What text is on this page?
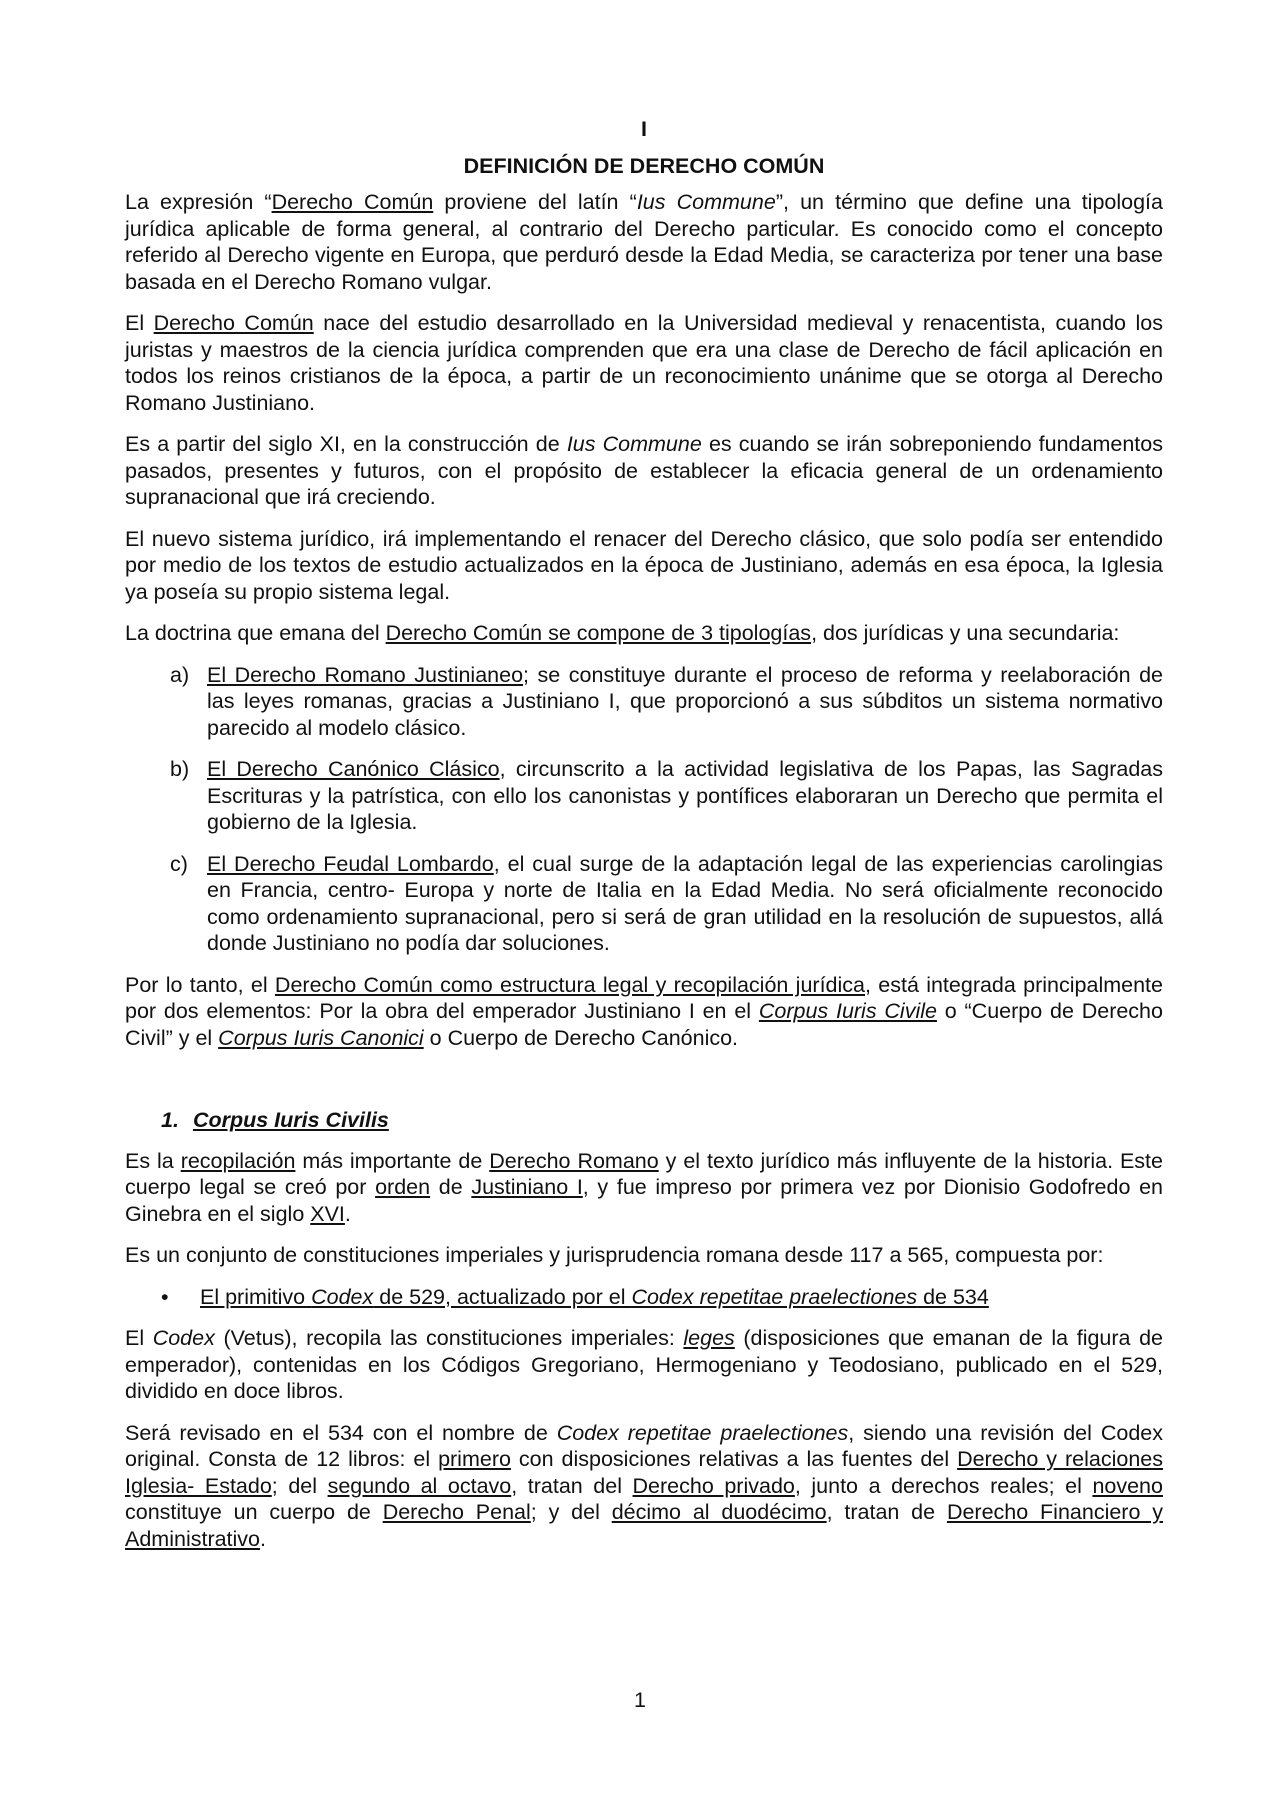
I
DEFINICIÓN DE DERECHO COMÚN

La expresión “Derecho Común proviene del latín “Ius Commune”, un término que define una tipología jurídica aplicable de forma general, al contrario del Derecho particular. Es conocido como el concepto referido al Derecho vigente en Europa, que perduró desde la Edad Media, se caracteriza por tener una base basada en el Derecho Romano vulgar.

El Derecho Común nace del estudio desarrollado en la Universidad medieval y renacentista, cuando los juristas y maestros de la ciencia jurídica comprenden que era una clase de Derecho de fácil aplicación en todos los reinos cristianos de la época, a partir de un reconocimiento unánime que se otorga al Derecho Romano Justiniano.

Es a partir del siglo XI, en la construcción de Ius Commune es cuando se irán sobreponiendo fundamentos pasados, presentes y futuros, con el propósito de establecer la eficacia general de un ordenamiento supranacional que irá creciendo.

El nuevo sistema jurídico, irá implementando el renacer del Derecho clásico, que solo podía ser entendido por medio de los textos de estudio actualizados en la época de Justiniano, además en esa época, la Iglesia ya poseía su propio sistema legal.

La doctrina que emana del Derecho Común se compone de 3 tipologías, dos jurídicas y una secundaria:

a) El Derecho Romano Justinianeo; se constituye durante el proceso de reforma y reelaboración de las leyes romanas, gracias a Justiniano I, que proporcionó a sus súbditos un sistema normativo parecido al modelo clásico.
b) El Derecho Canónico Clásico, circunscrito a la actividad legislativa de los Papas, las Sagradas Escrituras y la patrística, con ello los canonistas y pontífices elaboraran un Derecho que permita el gobierno de la Iglesia.
c) El Derecho Feudal Lombardo, el cual surge de la adaptación legal de las experiencias carolingias en Francia, centro- Europa y norte de Italia en la Edad Media. No será oficialmente reconocido como ordenamiento supranacional, pero si será de gran utilidad en la resolución de supuestos, allá donde Justiniano no podía dar soluciones.

Por lo tanto, el Derecho Común como estructura legal y recopilación jurídica, está integrada principalmente por dos elementos: Por la obra del emperador Justiniano I en el Corpus Iuris Civile o “Cuerpo de Derecho Civil” y el Corpus Iuris Canonici o Cuerpo de Derecho Canónico.

1. Corpus Iuris Civilis

Es la recopilación más importante de Derecho Romano y el texto jurídico más influyente de la historia. Este cuerpo legal se creó por orden de Justiniano I, y fue impreso por primera vez por Dionisio Godofredo en Ginebra en el siglo XVI.

Es un conjunto de constituciones imperiales y jurisprudencia romana desde 117 a 565, compuesta por:

• El primitivo Codex de 529, actualizado por el Codex repetitae praelectiones de 534

El Codex (Vetus), recopila las constituciones imperiales: leges (disposiciones que emanan de la figura de emperador), contenidas en los Códigos Gregoriano, Hermogeniano y Teodosiano, publicado en el 529, dividido en doce libros.

Será revisado en el 534 con el nombre de Codex repetitae praelectiones, siendo una revisión del Codex original. Consta de 12 libros: el primero con disposiciones relativas a las fuentes del Derecho y relaciones Iglesia- Estado; del segundo al octavo, tratan del Derecho privado, junto a derechos reales; el noveno constituye un cuerpo de Derecho Penal; y del décimo al duodécimo, tratan de Derecho Financiero y Administrativo.

1
